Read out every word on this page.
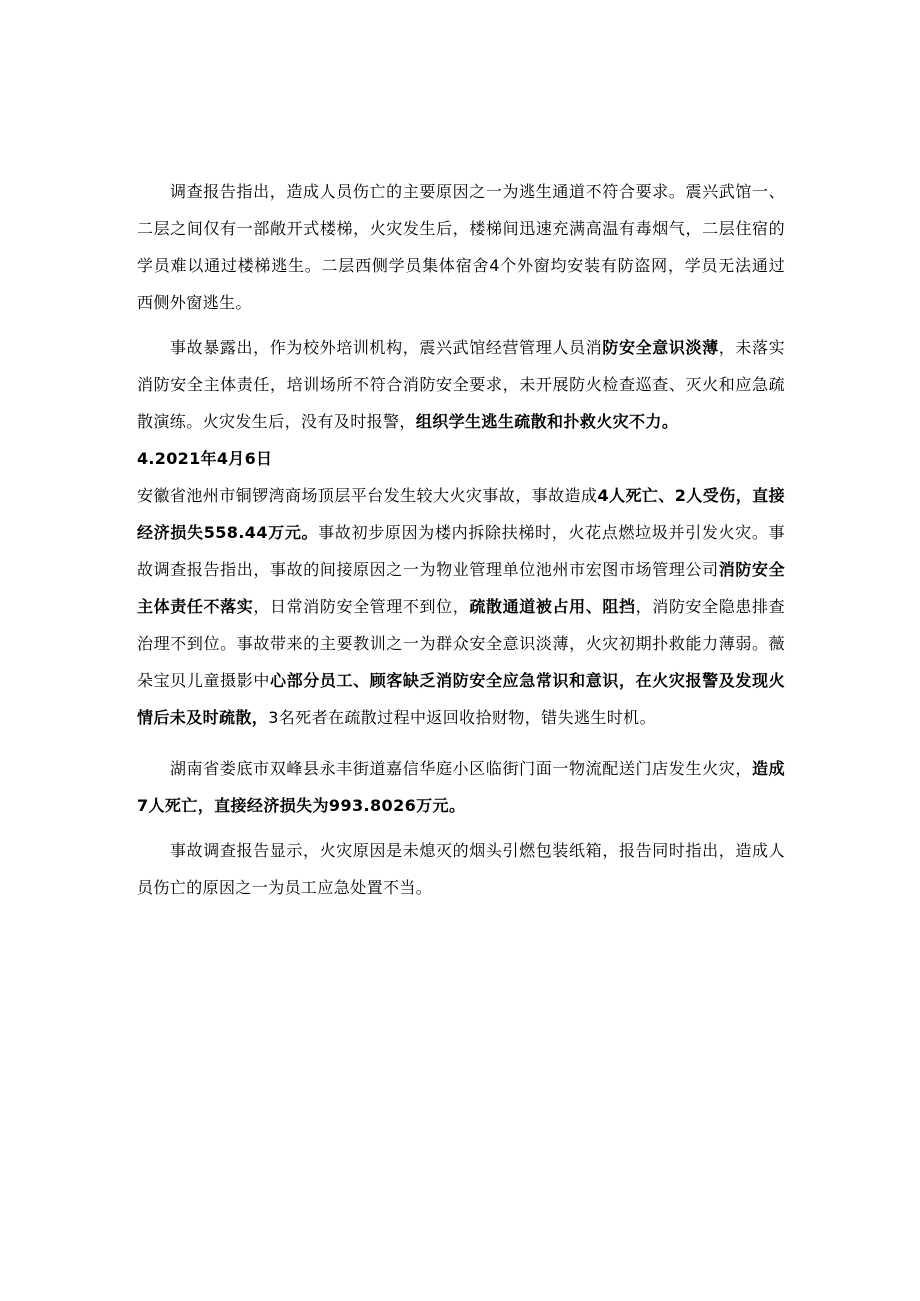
调查报告指出，造成人员伤亡的主要原因之一为逃生通道不符合要求。震兴武馆一、二层之间仅有一部敞开式楼梯，火灾发生后，楼梯间迅速充满高温有毒烟气，二层住宿的学员难以通过楼梯逃生。二层西侧学员集体宿舍4个外窗均安装有防盗网，学员无法通过西侧外窗逃生。

事故暴露出，作为校外培训机构，震兴武馆经营管理人员消防安全意识淡薄，未落实消防安全主体责任，培训场所不符合消防安全要求，未开展防火检查巡查、灭火和应急疏散演练。火灾发生后，没有及时报警，组织学生逃生疏散和扑救火灾不力。

4.2021年4月6日

安徽省池州市铜锣湾商场顶层平台发生较大火灾事故，事故造成4人死亡、2人受伤，直接经济损失558.44万元。事故初步原因为楼内拆除扶梯时，火花点燃垃圾并引发火灾。事故调查报告指出，事故的间接原因之一为物业管理单位池州市宏图市场管理公司消防安全主体责任不落实，日常消防安全管理不到位，疏散通道被占用、阻挡，消防安全隐患排查治理不到位。事故带来的主要教训之一为群众安全意识淡薄，火灾初期扑救能力薄弱。薇朵宝贝儿童摄影中心部分员工、顾客缺乏消防安全应急常识和意识，在火灾报警及发现火情后未及时疏散，3名死者在疏散过程中返回收拾财物，错失逃生时机。

湖南省娄底市双峰县永丰街道嘉信华庭小区临街门面一物流配送门店发生火灾，造成7人死亡，直接经济损失为993.8026万元。

事故调查报告显示，火灾原因是未熄灭的烟头引燃包装纸箱，报告同时指出，造成人员伤亡的原因之一为员工应急处置不当。
